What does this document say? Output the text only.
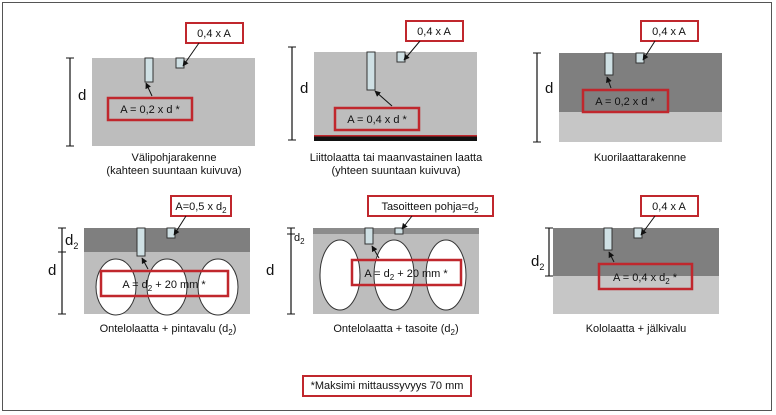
d
0,4 x A
A = 0,2 x d *
d
0,4 x A
A = 0,4 x d *
d
0,4 x A
A = 0,2 x d *
d
$d_2$
A=0,5 x $d_2$
$A = d_2 + 20$ mm *
d
$d_2$
Tasoitteen $pohja=d_2$
$A = d_2 + 20$ mm *
$d_2$
0,4 x A
A = 0,4 x $d_2$ *
Välipohjarakenne
(kahteen suuntaan kuivuva)
Liittolaatta tai maanvastainen laatta
(yhteen suuntaan kuivuva)
Kuorilaattarakenne
Ontelolaatta + pintavalu $(d_2)$	Ontelolaatta + tasoite $(d_2)$	Kololaatta + jälkivalu
*Maksimi mittaussyvyys 70 mm
